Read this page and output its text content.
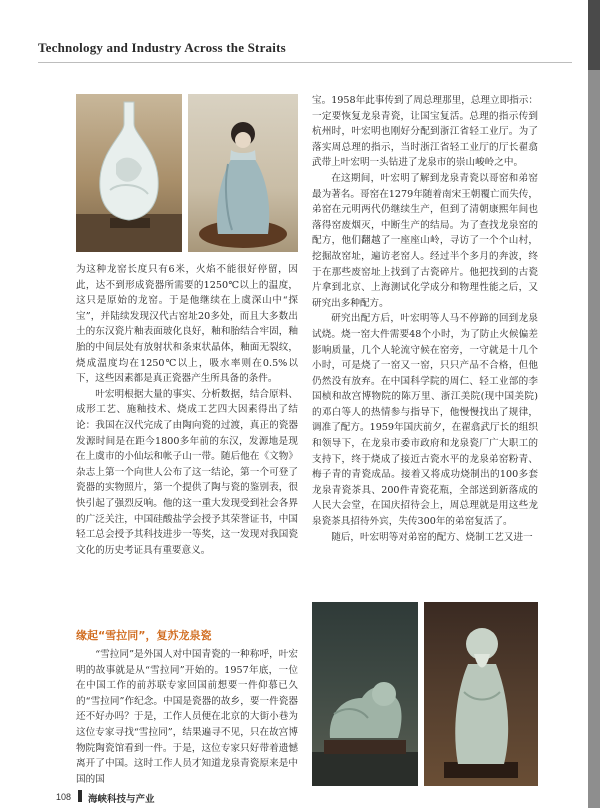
Technology and Industry Across the Straits

为这种龙窑长度只有6米，火焰不能很好停留，因此，达不到形成瓷器所需要的1250℃以上的温度，这只是原始的龙窑。于是他继续在上虞深山中“探宝”，并陆续发现汉代古窑址20多处，而且大多数出土的东汉瓷片釉表面玻化良好，釉和胎结合牢固，釉胎的中间层处有放射状和条束状晶体，釉面无裂纹，烧成温度均在1250℃以上，吸水率则在0.5%以下，这些因素都是真正瓷器产生所具备的条件。

叶宏明根据大量的事实、分析数据，结合原料、成形工艺、施釉技术、烧成工艺四大因素得出了结论：我国在汉代完成了由陶向瓷的过渡，真正的瓷器发源时间是在距今1800多年前的东汉，发源地是现在上虞市的小仙坛和帐子山一带。随后他在《文物》杂志上第一个向世人公布了这一结论，第一个可登了瓷器的实物照片，第一个提供了陶与瓷的鉴别表，很快引起了强烈反响。他的这一重大发现受到社会各界的广泛关注，中国硅酸盐学会授予其荣誉证书，中国轻工总会授予其科技进步一等奖，这一发现对我国瓷文化的历史考证具有重要意义。

缘起“雪拉同”，复苏龙泉瓷

“雪拉同”是外国人对中国青瓷的一种称呼，叶宏明的故事就是从“雪拉同”开始的。1957年底，一位在中国工作的前苏联专家回国前想要一件仰慕已久的“雪拉同”作纪念。中国是瓷器的故乡，要一件瓷器还不好办吗？于是，工作人员便在北京的大街小巷为这位专家寻找“雪拉同”，结果遍寻不见，只在故宫博物院陶瓷馆看到一件。于是，这位专家只好带着遗憾离开了中国。这时工作人员才知道龙泉青瓷原来是中国的国

宝。1958年此事传到了周总理那里，总理立即指示：一定要恢复龙泉青瓷，让国宝复活。总理的指示传到杭州时，叶宏明也刚好分配到浙江省轻工业厅。为了落实周总理的指示，当时浙江省轻工业厅的厅长翟翕武带上叶宏明一头钻进了龙泉市的崇山峻岭之中。

在这期间，叶宏明了解到龙泉青瓷以哥窑和弟窑最为著名。哥窑在1279年随着南宋王朝覆亡而失传，弟窑在元明两代仍继续生产，但到了清朝康熙年间也落得窑废烟灭，中断生产的结局。为了查找龙泉窑的配方，他们翻越了一座座山岭，寻访了一个个山村，挖掘故窑址，遍访老窑人。经过半个多月的奔波，终于在那些废窑址上找到了古瓷碎片。他把找到的古瓷片拿到北京、上海测试化学成分和物理性能之后，又研究出多种配方。

研究出配方后，叶宏明等人马不停蹄的回到龙泉试烧。烧一窑大件需要48个小时，为了防止火候偏差影响质量，几个人轮流守候在窑旁，一守就是十几个小时，可是烧了一窑又一窑，只只产品不合格，但他仍然没有放弃。在中国科学院的周仁、轻工业部的李国桢和故宫博物院的陈万里、浙江美院(现中国美院)的邓白等人的热情参与指导下，他慢慢找出了规律，调准了配方。1959年国庆前夕，在翟翕武厅长的组织和领导下，在龙泉市委市政府和龙泉瓷厂广大职工的支持下，终于烧成了接近古瓷水平的龙泉弟窑粉青、梅子青的青瓷成品。接着又将成功烧制出的100多套龙泉青瓷茶具、200件青瓷花瓶，全部送到新落成的人民大会堂，在国庆招待会上，周总理就是用这些龙泉瓷茶具招待外宾，失传300年的弟窑复活了。

随后，叶宏明等对弟窑的配方、烧制工艺又进一

108 海峡科技与产业
